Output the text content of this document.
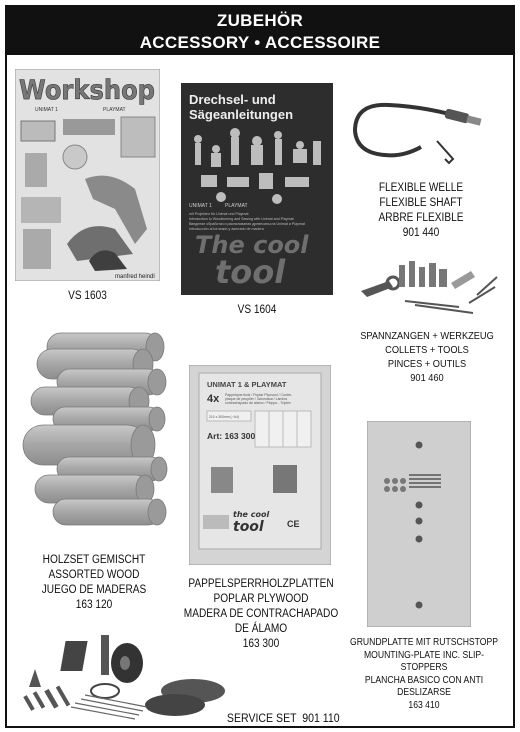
ZUBEHÖR
ACCESSORY • ACCESSOIRE
Workshop
UNIMAT 1	PLAYMAT
manfred heindl
VS 1603
Drechsel- und
Sägeanleitungen
UNIMAT 1	PLAYMAT
mit Projekten für Unimat und Playmat
Introduction to Woodturning and Sawing with Unimat and Playmat
Введение обработки и распиливания древесины на Unimat и Playmat
Introducción al torneado y aserrado de madera
The cool
tool
VS 1604
FLEXIBLE WELLE
FLEXIBLE SHAFT
ARBRE FLEXIBLE
901 440
SPANNZANGEN + WERKZEUG
COLLETS + TOOLS
PINCES + OUTILS
901 460
HOLZSET GEMISCHT
ASSORTED WOOD
JUEGO DE MADERAS
163 120
UNIMAT 1 & PLAYMAT
4x Pappelsperrholz / Poplar Plywood / Contre-
plaque de peuplier / Заготовки / Lámina
contrachapado de álamo / Pioppo - Triplex
210 x 300mm (~A4)
Art: 163 300
the cool
tool	CE
PAPPELSPERRHOLZPLATTEN
POPLAR PLYWOOD
MADERA DE CONTRACHAPADO
DE ÁLAMO
163 300	GRUNDPLATTE MIT RUTSCHSTOPP
MOUNTING-PLATE INC. SLIP-STOPPERS
PLANCHA BASICO CON ANTI DESLIZARSE
163 410
SERVICE SET  901 110
